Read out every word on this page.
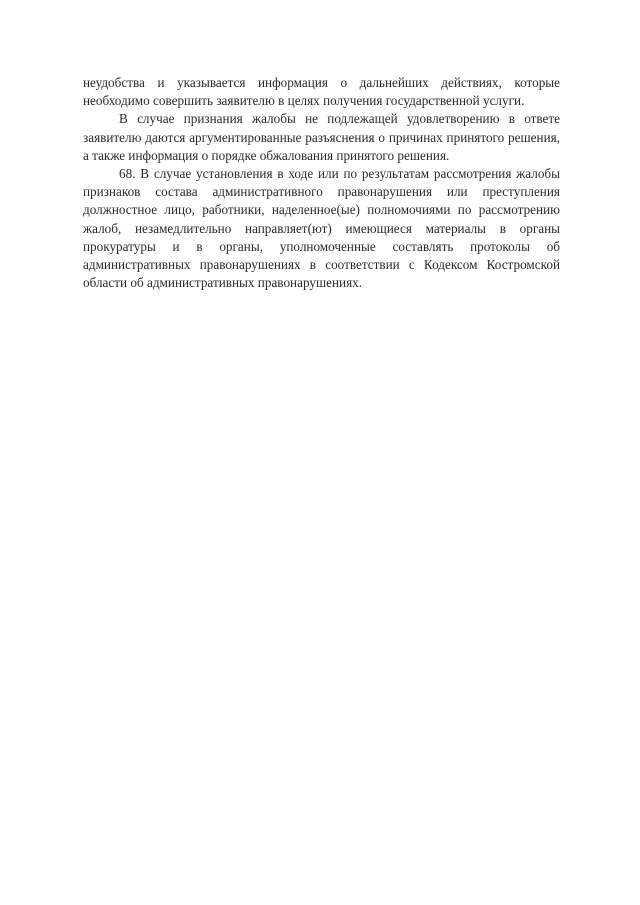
неудобства и указывается информация о дальнейших действиях, которые необходимо совершить заявителю в целях получения государственной услуги.

В случае признания жалобы не подлежащей удовлетворению в ответе заявителю даются аргументированные разъяснения о причинах принятого решения, а также информация о порядке обжалования принятого решения.

68. В случае установления в ходе или по результатам рассмотрения жалобы признаков состава административного правонарушения или преступления должностное лицо, работники, наделенное(ые) полномочиями по рассмотрению жалоб, незамедлительно направляет(ют) имеющиеся материалы в органы прокуратуры и в органы, уполномоченные составлять протоколы об административных правонарушениях в соответствии с Кодексом Костромской области об административных правонарушениях.
